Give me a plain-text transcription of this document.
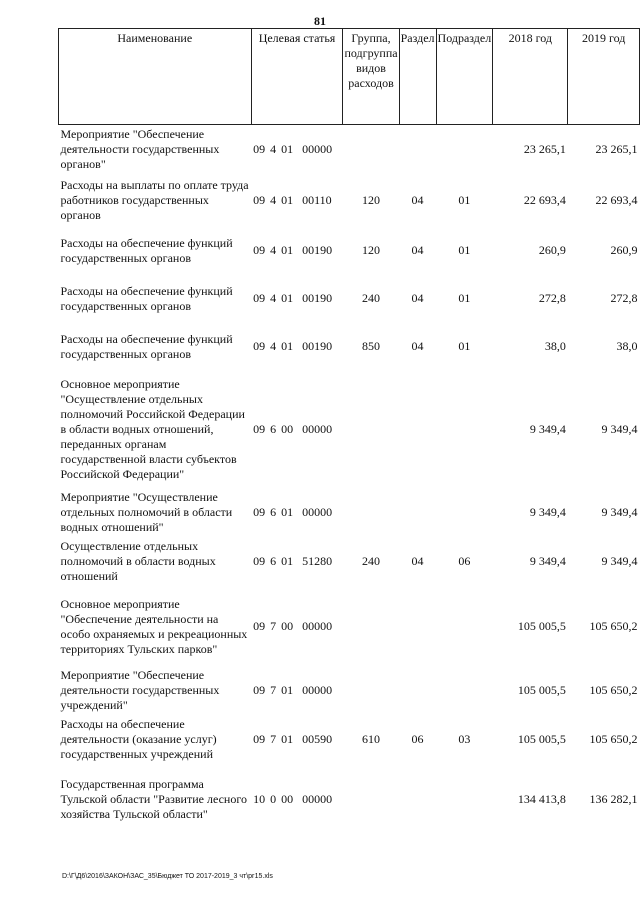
81
Наименование	Целевая статья	Группа, подгруппа видов расходов	Раздел	Подраздел	2018 год	2019 год
Мероприятие "Обеспечение деятельности государственных органов"	09 4 01 00000				23 265,1	23 265,1
Расходы на выплаты по оплате труда работников государственных органов	09 4 01 00110	120	04	01	22 693,4	22 693,4
Расходы на обеспечение функций государственных органов	09 4 01 00190	120	04	01	260,9	260,9
Расходы на обеспечение функций государственных органов	09 4 01 00190	240	04	01	272,8	272,8
Расходы на обеспечение функций государственных органов	09 4 01 00190	850	04	01	38,0	38,0
Основное мероприятие "Осуществление отдельных полномочий Российской Федерации в области водных отношений, переданных органам государственной власти субъектов Российской Федерации"	09 6 00 00000				9 349,4	9 349,4
Мероприятие "Осуществление отдельных полномочий в области водных отношений"	09 6 01 00000				9 349,4	9 349,4
Осуществление отдельных полномочий в области водных отношений	09 6 01 51280	240	04	06	9 349,4	9 349,4
Основное мероприятие "Обеспечение деятельности на особо охраняемых и рекреационных территориях Тульских парков"	09 7 00 00000				105 005,5	105 650,2
Мероприятие "Обеспечение деятельности государственных учреждений"	09 7 01 00000				105 005,5	105 650,2
Расходы на обеспечение деятельности (оказание услуг) государственных учреждений	09 7 01 00590	610	06	03	105 005,5	105 650,2
Государственная программа Тульской области "Развитие лесного хозяйства Тульской области"	10 0 00 00000				134 413,8	136 282,1
D:\Г\Д6\2016\ЗАКОН\ЗАС_35\Бюджет ТО 2017-2019_3 чт\рг15.xls
